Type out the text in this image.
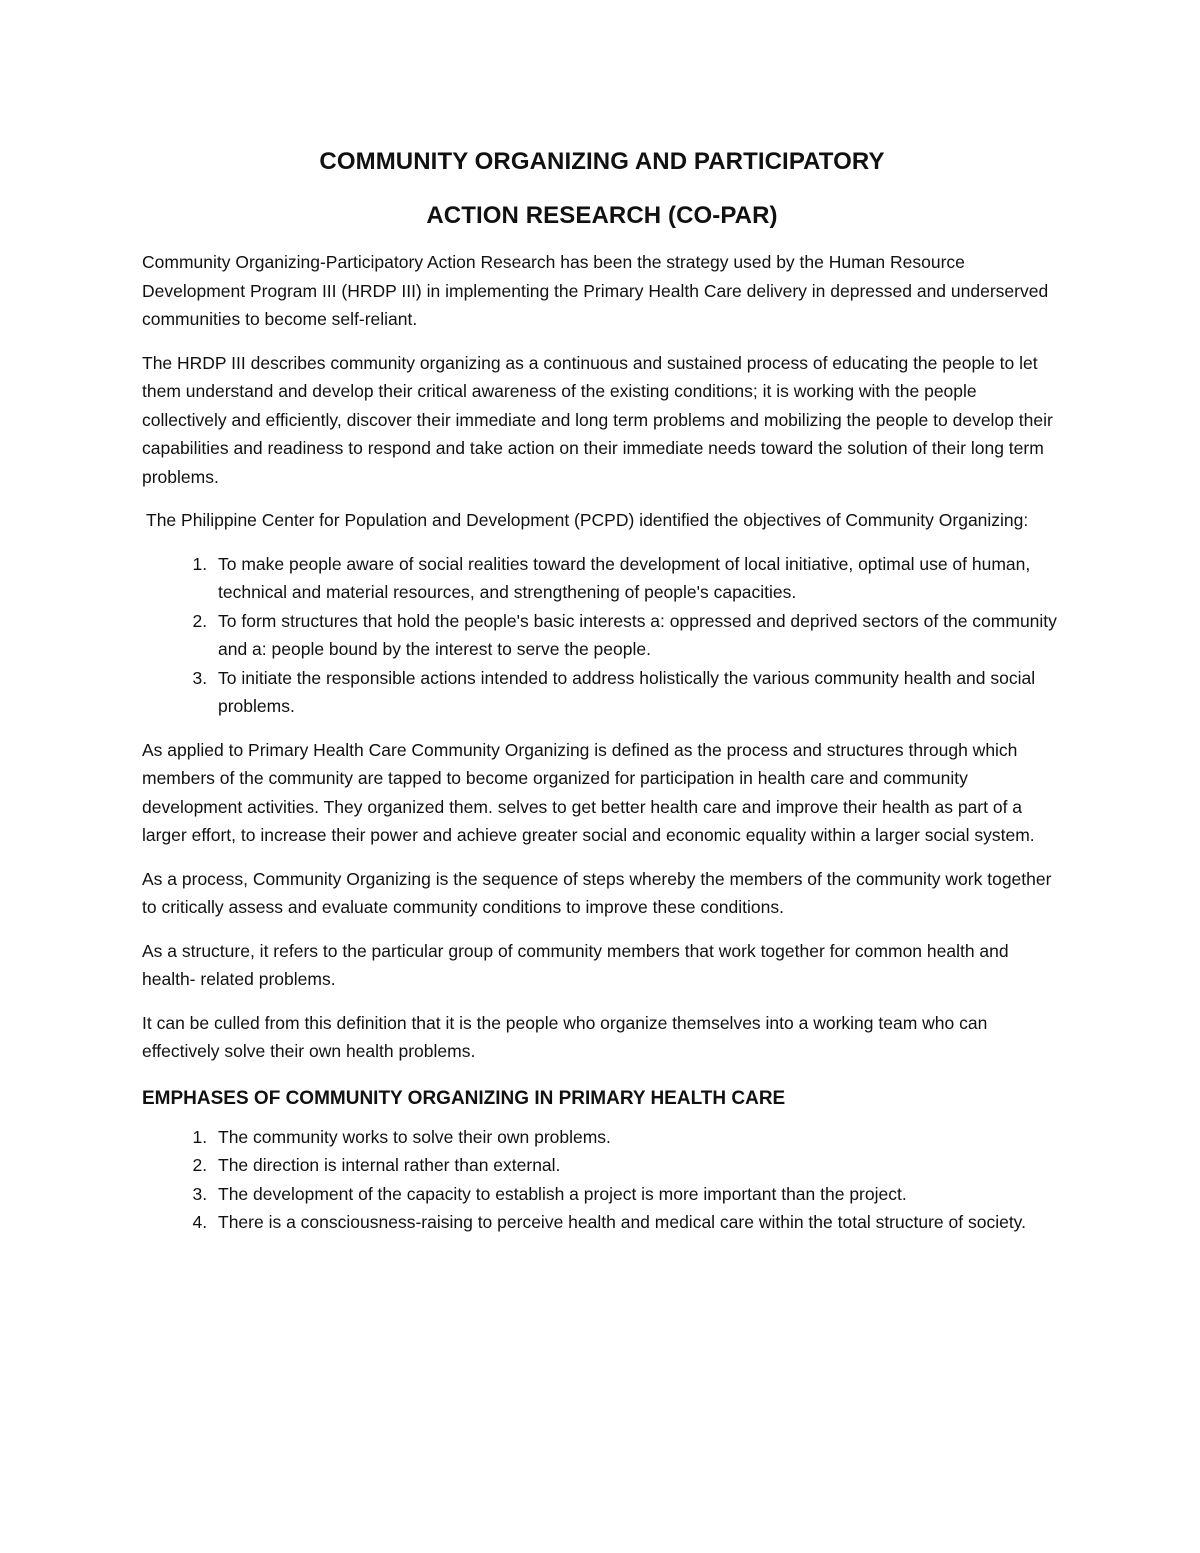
COMMUNITY ORGANIZING AND PARTICIPATORY
ACTION RESEARCH (CO-PAR)

Community Organizing-Participatory Action Research has been the strategy used by the Human Resource Development Program III (HRDP III) in implementing the Primary Health Care delivery in depressed and underserved communities to become self-reliant.

The HRDP III describes community organizing as a continuous and sustained process of educating the people to let them understand and develop their critical awareness of the existing conditions; it is working with the people collectively and efficiently, discover their immediate and long term problems and mobilizing the people to develop their capabilities and readiness to respond and take action on their immediate needs toward the solution of their long term problems.

The Philippine Center for Population and Development (PCPD) identified the objectives of Community Organizing:

1. To make people aware of social realities toward the development of local initiative, optimal use of human, technical and material resources, and strengthening of people's capacities.
2. To form structures that hold the people's basic interests a: oppressed and deprived sectors of the community and a: people bound by the interest to serve the people.
3. To initiate the responsible actions intended to address holistically the various community health and social problems.

As applied to Primary Health Care Community Organizing is defined as the process and structures through which members of the community are tapped to become organized for participation in health care and community development activities. They organized them. selves to get better health care and improve their health as part of a larger effort, to increase their power and achieve greater social and economic equality within a larger social system.

As a process, Community Organizing is the sequence of steps whereby the members of the community work together to critically assess and evaluate community conditions to improve these conditions.

As a structure, it refers to the particular group of community members that work together for common health and health- related problems.

It can be culled from this definition that it is the people who organize themselves into a working team who can effectively solve their own health problems.

EMPHASES OF COMMUNITY ORGANIZING IN PRIMARY HEALTH CARE
1. The community works to solve their own problems.
2. The direction is internal rather than external.
3. The development of the capacity to establish a project is more important than the project.
4. There is a consciousness-raising to perceive health and medical care within the total structure of society.
